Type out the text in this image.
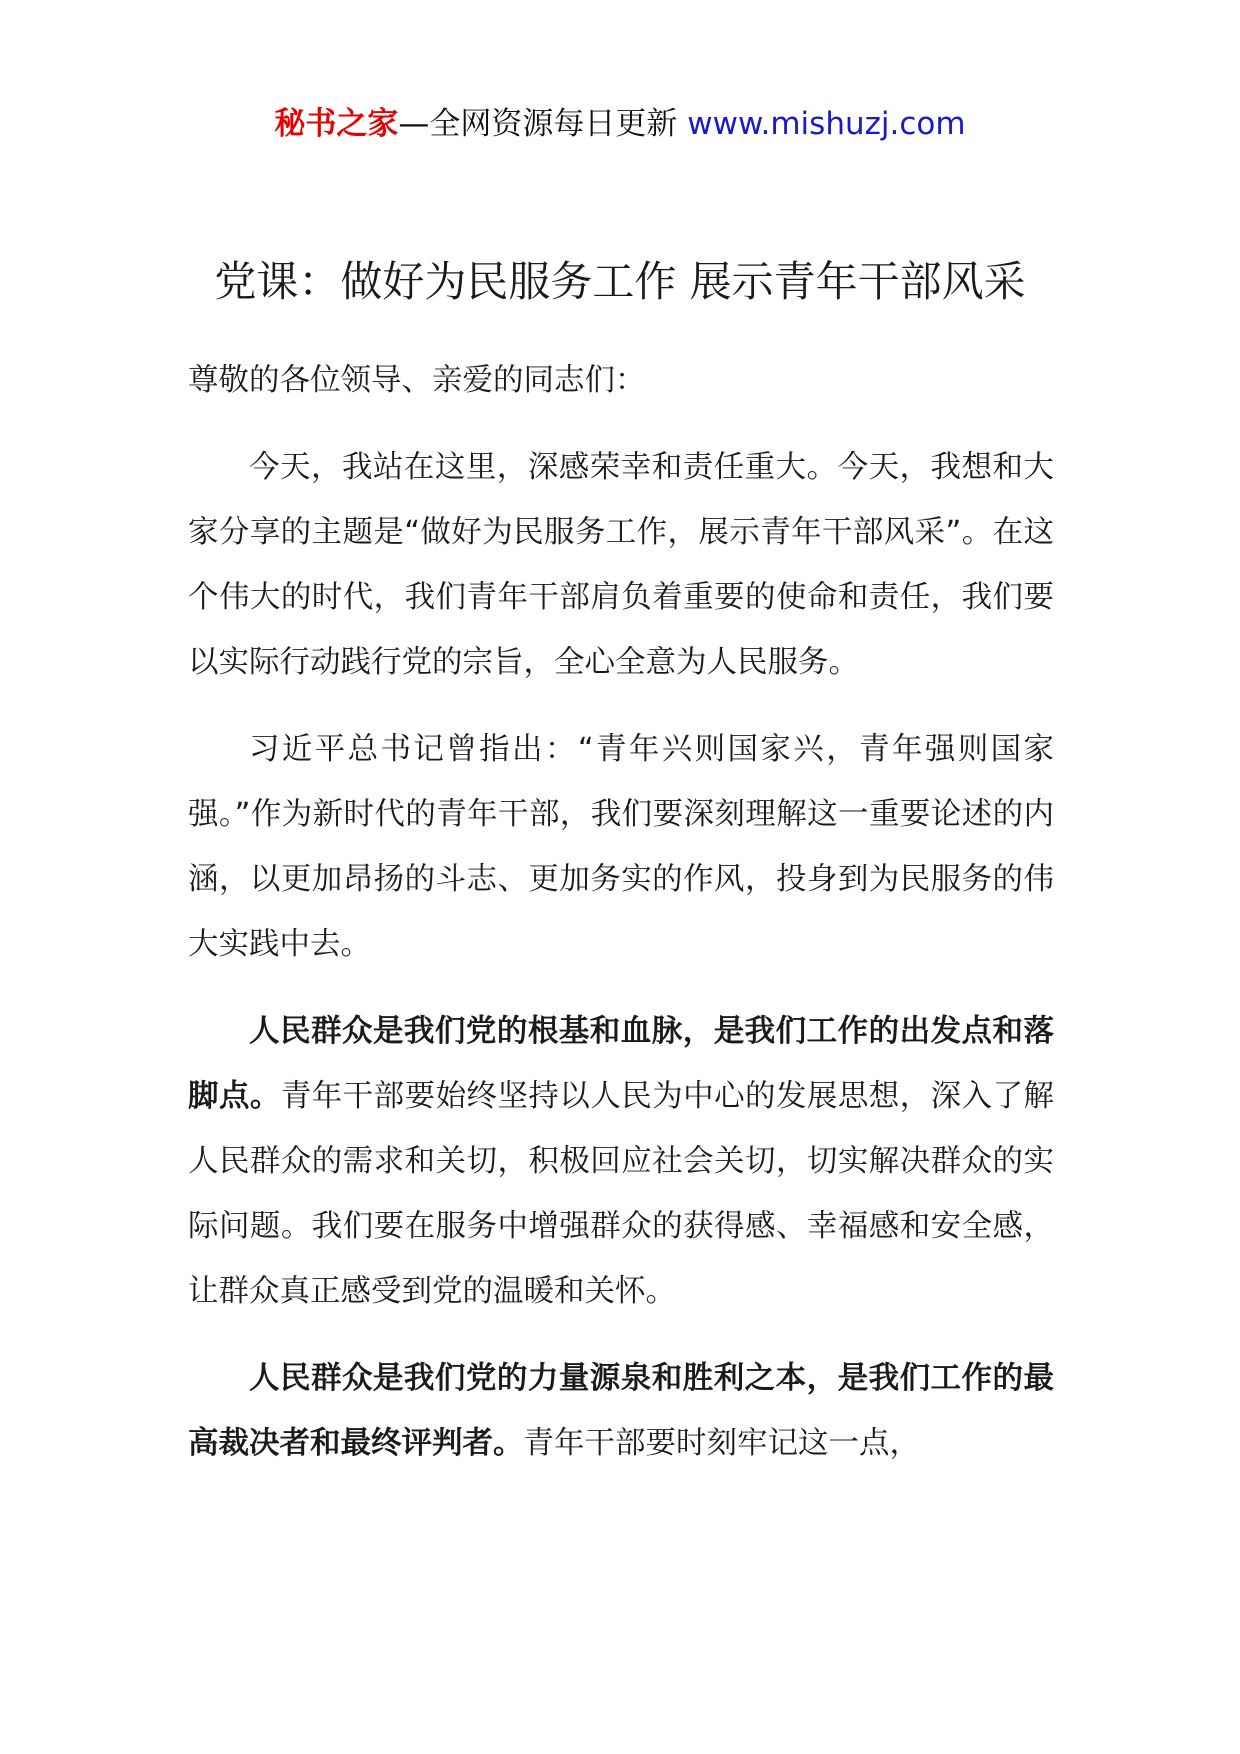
秘书之家—全网资源每日更新 www.mishuzj.com
党课：做好为民服务工作 展示青年干部风采

尊敬的各位领导、亲爱的同志们：

今天，我站在这里，深感荣幸和责任重大。今天，我想和大家分享的主题是“做好为民服务工作，展示青年干部风采”。在这个伟大的时代，我们青年干部肩负着重要的使命和责任，我们要以实际行动践行党的宗旨，全心全意为人民服务。

习近平总书记曾指出：“青年兴则国家兴，青年强则国家强。”作为新时代的青年干部，我们要深刻理解这一重要论述的内涵，以更加昂扬的斗志、更加务实的作风，投身到为民服务的伟大实践中去。

人民群众是我们党的根基和血脉，是我们工作的出发点和落脚点。青年干部要始终坚持以人民为中心的发展思想，深入了解人民群众的需求和关切，积极回应社会关切，切实解决群众的实际问题。我们要在服务中增强群众的获得感、幸福感和安全感，让群众真正感受到党的温暖和关怀。

人民群众是我们党的力量源泉和胜利之本，是我们工作的最高裁决者和最终评判者。青年干部要时刻牢记这一点，
